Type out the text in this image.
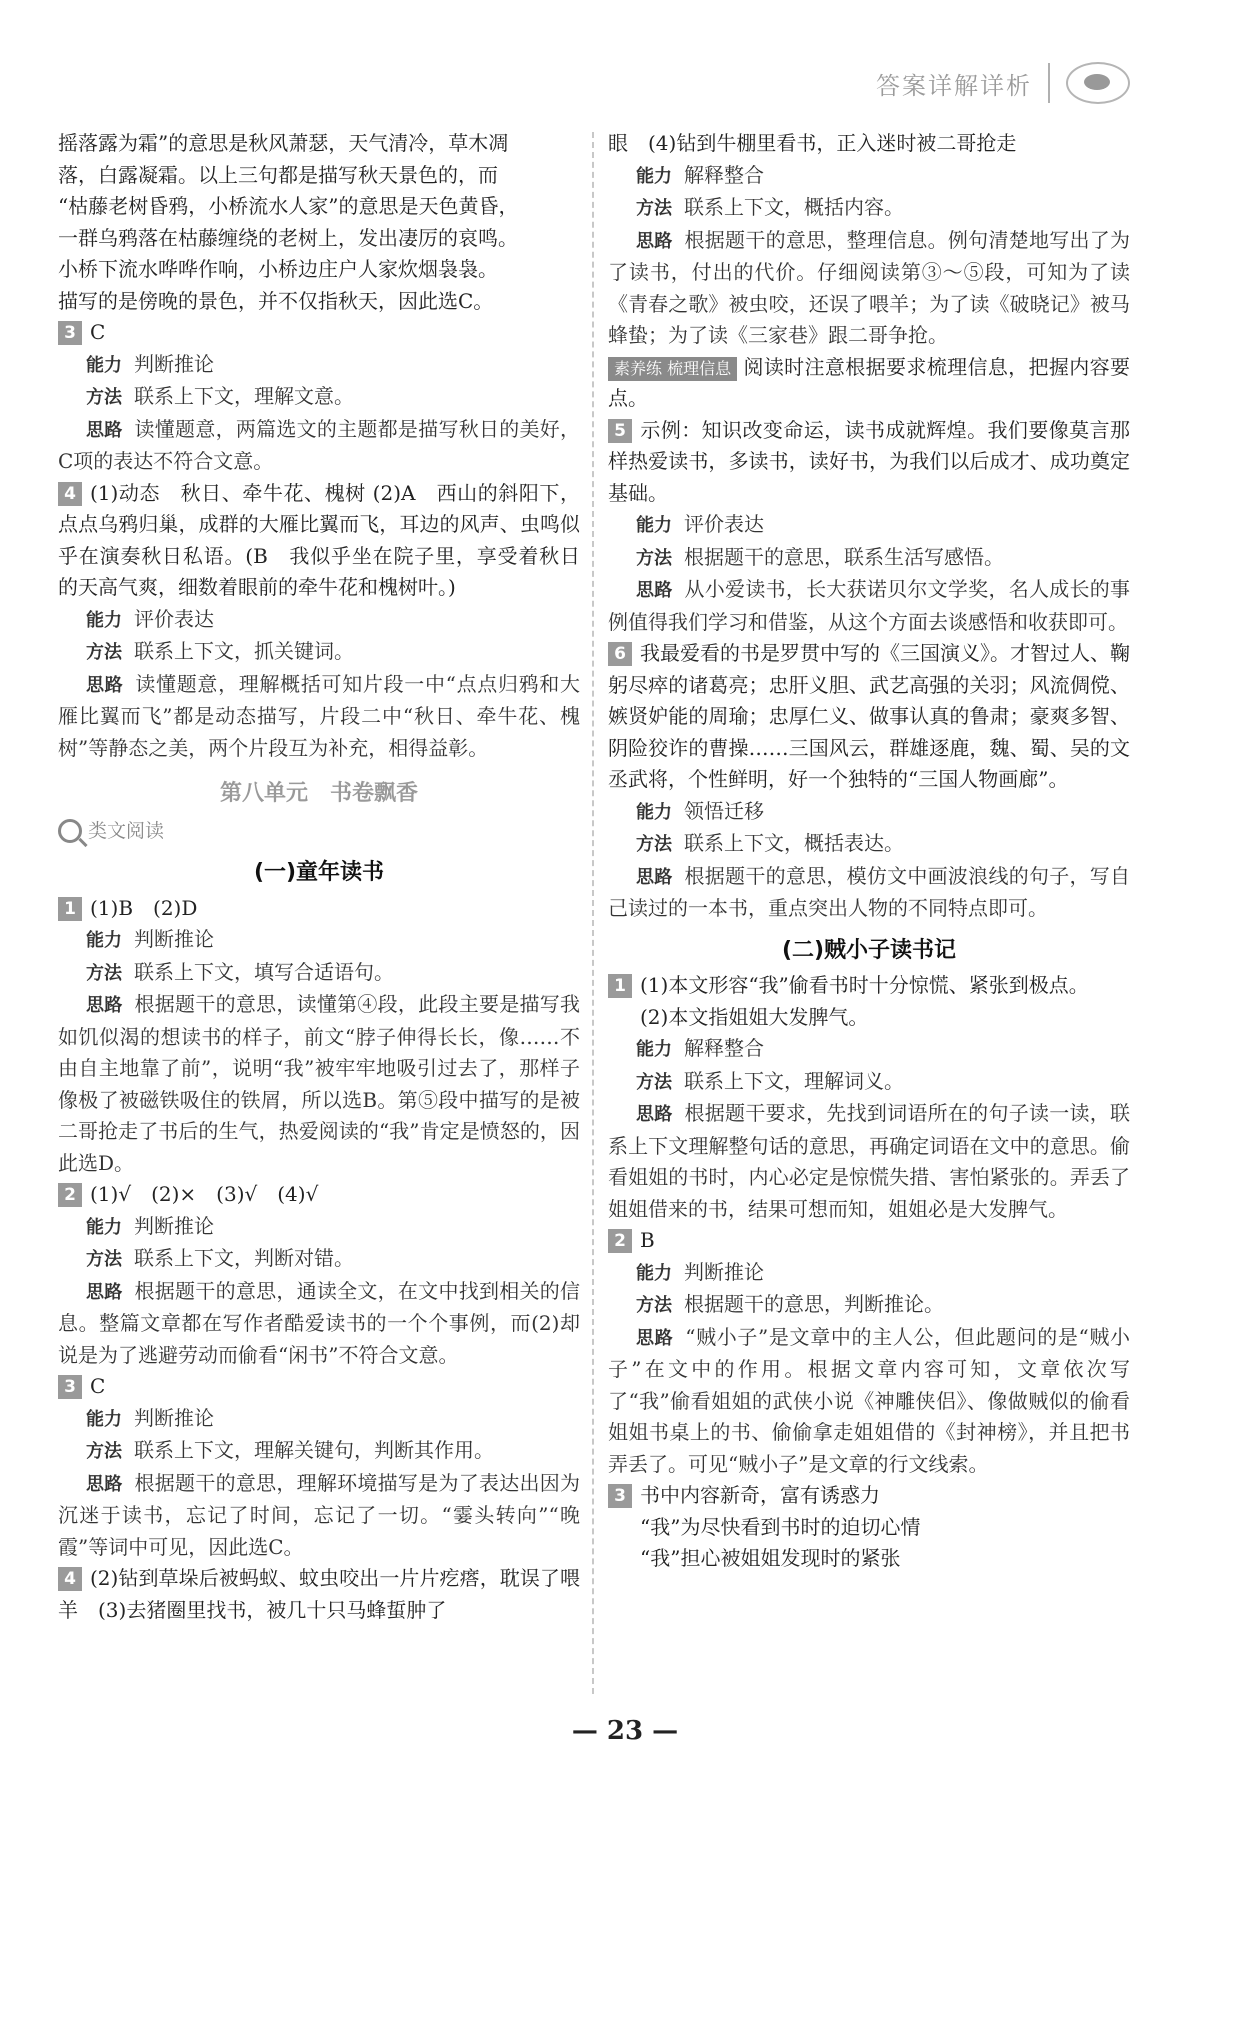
答案详解详析

摇落露为霜”的意思是秋风萧瑟，天气清冷，草木凋

落，白露凝霜。以上三句都是描写秋天景色的，而

“枯藤老树昏鸦，小桥流水人家”的意思是天色黄昏，

一群乌鸦落在枯藤缠绕的老树上，发出凄厉的哀鸣。

小桥下流水哗哗作响，小桥边庄户人家炊烟袅袅。

描写的是傍晚的景色，并不仅指秋天，因此选C。

3 C

能力 判断推论

方法 联系上下文，理解文意。

思路 读懂题意，两篇选文的主题都是描写秋日的美好，C项的表达不符合文意。

4 (1)动态　秋日、牵牛花、槐树 (2)A　西山的斜阳下，点点乌鸦归巢，成群的大雁比翼而飞，耳边的风声、虫鸣似乎在演奏秋日私语。(B　我似乎坐在院子里，享受着秋日的天高气爽，细数着眼前的牵牛花和槐树叶。)

能力 评价表达

方法 联系上下文，抓关键词。

思路 读懂题意，理解概括可知片段一中“点点归鸦和大雁比翼而飞”都是动态描写，片段二中“秋日、牵牛花、槐树”等静态之美，两个片段互为补充，相得益彰。

第八单元　书卷飘香
类文阅读
(一)童年读书

1 (1)B　(2)D

能力 判断推论

方法 联系上下文，填写合适语句。

思路 根据题干的意思，读懂第④段，此段主要是描写我如饥似渴的想读书的样子，前文“脖子伸得长长，像……不由自主地靠了前”，说明“我”被牢牢地吸引过去了，那样子像极了被磁铁吸住的铁屑，所以选B。第⑤段中描写的是被二哥抢走了书后的生气，热爱阅读的“我”肯定是愤怒的，因此选D。

2 (1)√　(2)×　(3)√　(4)√

能力 判断推论

方法 联系上下文，判断对错。

思路 根据题干的意思，通读全文，在文中找到相关的信息。整篇文章都在写作者酷爱读书的一个个事例，而(2)却说是为了逃避劳动而偷看“闲书”不符合文意。

3 C

能力 判断推论

方法 联系上下文，理解关键句，判断其作用。

思路 根据题干的意思，理解环境描写是为了表达出因为沉迷于读书，忘记了时间，忘记了一切。“霎头转向”“晚霞”等词中可见，因此选C。

4 (2)钻到草垛后被蚂蚁、蚊虫咬出一片片疙瘩，耽误了喂羊　(3)去猪圈里找书，被几十只马蜂蜇肿了

眼　(4)钻到牛棚里看书，正入迷时被二哥抢走

能力 解释整合

方法 联系上下文，概括内容。

思路 根据题干的意思，整理信息。例句清楚地写出了为了读书，付出的代价。仔细阅读第③～⑤段，可知为了读《青春之歌》被虫咬，还误了喂羊；为了读《破晓记》被马蜂蛰；为了读《三家巷》跟二哥争抢。

素养练 梳理信息 阅读时注意根据要求梳理信息，把握内容要点。

5 示例：知识改变命运，读书成就辉煌。我们要像莫言那样热爱读书，多读书，读好书，为我们以后成才、成功奠定基础。

能力 评价表达

方法 根据题干的意思，联系生活写感悟。

思路 从小爱读书，长大获诺贝尔文学奖，名人成长的事例值得我们学习和借鉴，从这个方面去谈感悟和收获即可。

6 我最爱看的书是罗贯中写的《三国演义》。才智过人、鞠躬尽瘁的诸葛亮；忠肝义胆、武艺高强的关羽；风流倜傥、嫉贤妒能的周瑜；忠厚仁义、做事认真的鲁肃；豪爽多智、阴险狡诈的曹操……三国风云，群雄逐鹿，魏、蜀、吴的文丞武将，个性鲜明，好一个独特的“三国人物画廊”。

能力 领悟迁移

方法 联系上下文，概括表达。

思路 根据题干的意思，模仿文中画波浪线的句子，写自己读过的一本书，重点突出人物的不同特点即可。

(二)贼小子读书记

1 (1)本文形容“我”偷看书时十分惊慌、紧张到极点。

(2)本文指姐姐大发脾气。

能力 解释整合

方法 联系上下文，理解词义。

思路 根据题干要求，先找到词语所在的句子读一读，联系上下文理解整句话的意思，再确定词语在文中的意思。偷看姐姐的书时，内心必定是惊慌失措、害怕紧张的。弄丢了姐姐借来的书，结果可想而知，姐姐必是大发脾气。

2 B

能力 判断推论

方法 根据题干的意思，判断推论。

思路 “贼小子”是文章中的主人公，但此题问的是“贼小子”在文中的作用。根据文章内容可知，文章依次写了“我”偷看姐姐的武侠小说《神雕侠侣》、像做贼似的偷看姐姐书桌上的书、偷偷拿走姐姐借的《封神榜》，并且把书弄丢了。可见“贼小子”是文章的行文线索。

3 书中内容新奇，富有诱惑力

“我”为尽快看到书时的迫切心情

“我”担心被姐姐发现时的紧张

— 23 —
